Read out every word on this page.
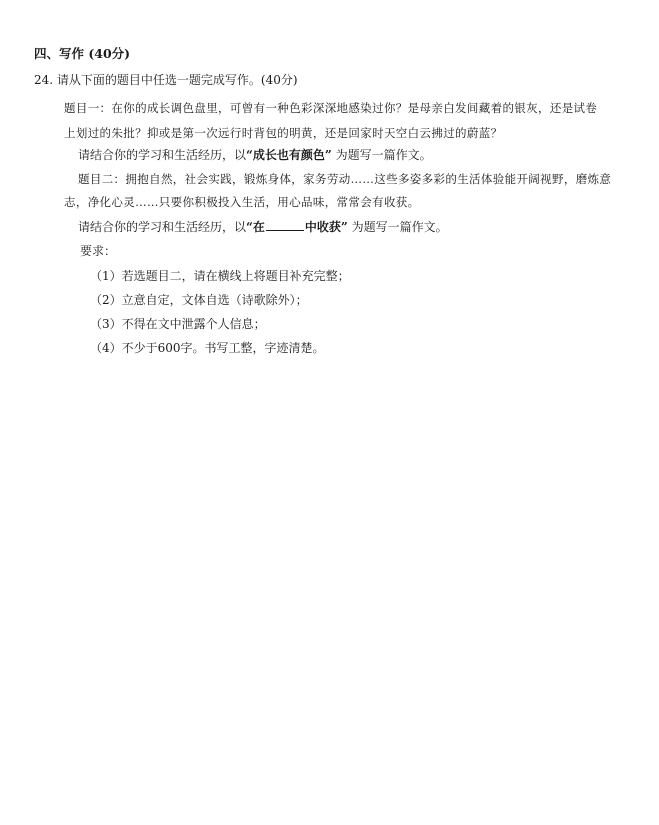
四、写作 (40分)
24. 请从下面的题目中任选一题完成写作。(40分)
题目一：在你的成长调色盘里，可曾有一种色彩深深地感染过你？是母亲白发间藏着的银灰，还是试卷
上划过的朱批？抑或是第一次远行时背包的明黄，还是回家时天空白云拂过的蔚蓝？
请结合你的学习和生活经历，以“成长也有颜色” 为题写一篇作文。
题目二：拥抱自然，社会实践，锻炼身体，家务劳动……这些多姿多彩的生活体验能开阔视野，磨炼意
志，净化心灵……只要你积极投入生活，用心品味，常常会有收获。
请结合你的学习和生活经历，以“在	中收获” 为题写一篇作文。
要求：
（1）若选题目二，请在横线上将题目补充完整；
（2）立意自定，文体自选（诗歌除外）；
（3）不得在文中泄露个人信息；
（4）不少于600字。书写工整，字迹清楚。
